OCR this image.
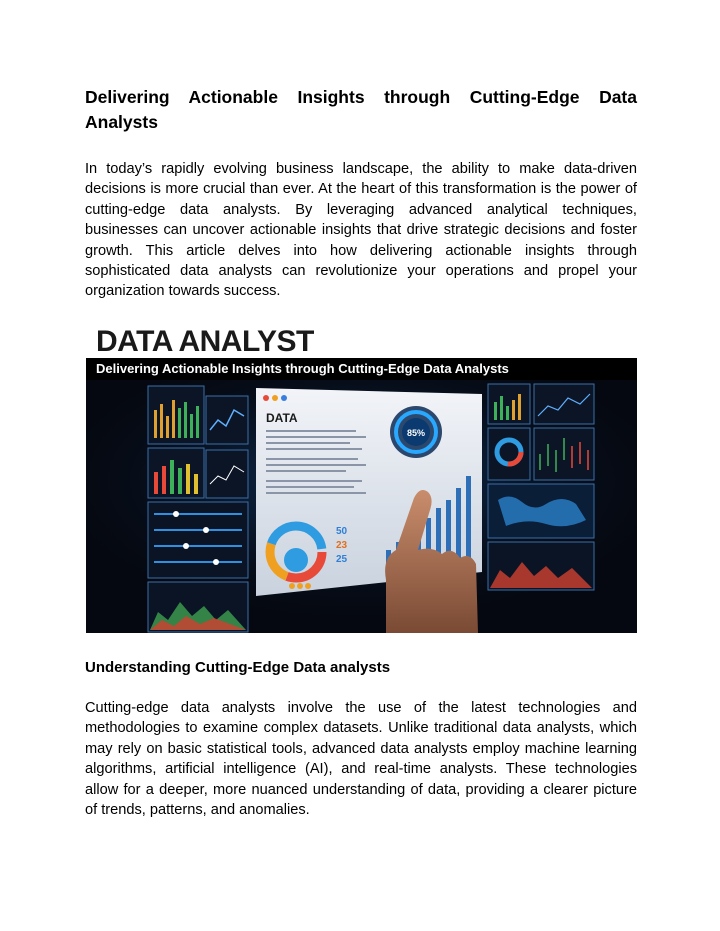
Delivering Actionable Insights through Cutting-Edge Data Analysts

In today’s rapidly evolving business landscape, the ability to make data-driven decisions is more crucial than ever. At the heart of this transformation is the power of cutting-edge data analysts. By leveraging advanced analytical techniques, businesses can uncover actionable insights that drive strategic decisions and foster growth. This article delves into how delivering actionable insights through sophisticated data analysts can revolutionize your operations and propel your organization towards success.

DATA ANALYST
Delivering Actionable Insights through Cutting-Edge Data Analysts
DATA
85%
50
23
25
Understanding Cutting-Edge Data analysts

Cutting-edge data analysts involve the use of the latest technologies and methodologies to examine complex datasets. Unlike traditional data analysts, which may rely on basic statistical tools, advanced data analysts employ machine learning algorithms, artificial intelligence (AI), and real-time analysts. These technologies allow for a deeper, more nuanced understanding of data, providing a clearer picture of trends, patterns, and anomalies.
